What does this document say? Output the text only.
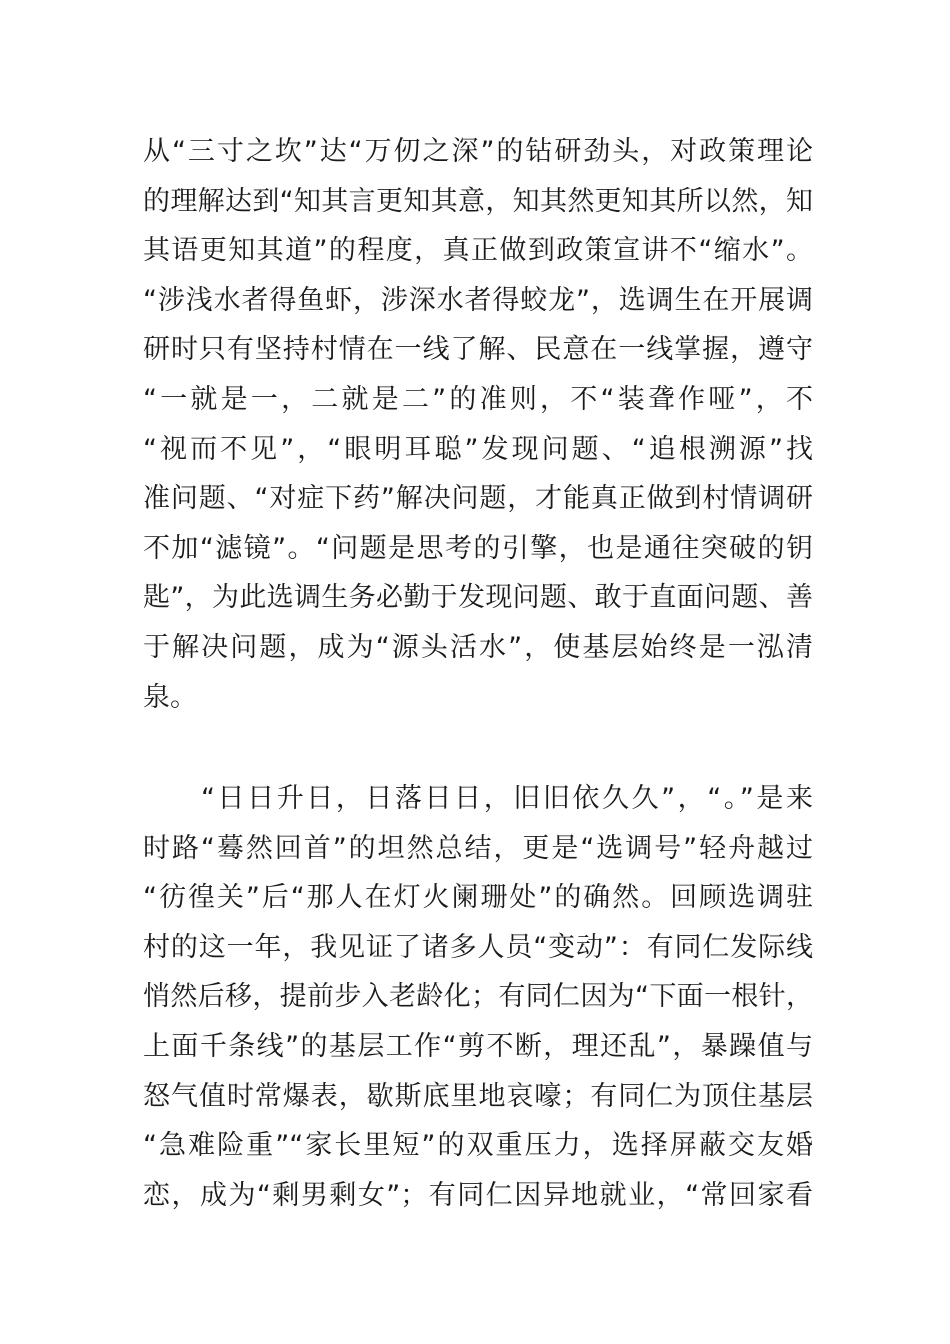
从“三寸之坎”达“万仞之深”的钻研劲头，对政策理论
的理解达到“知其言更知其意，知其然更知其所以然，知
其语更知其道”的程度，真正做到政策宣讲不“缩水”。
“涉浅水者得鱼虾，涉深水者得蛟龙”，选调生在开展调
研时只有坚持村情在一线了解、民意在一线掌握，遵守
“一就是一，二就是二”的准则，不“装聋作哑”，不
“视而不见”，“眼明耳聪”发现问题、“追根溯源”找
准问题、“对症下药”解决问题，才能真正做到村情调研
不加“滤镜”。“问题是思考的引擎，也是通往突破的钥
匙”，为此选调生务必勤于发现问题、敢于直面问题、善
于解决问题，成为“源头活水”，使基层始终是一泓清
泉。
“日日升日，日落日日，旧旧依久久”，“。”是来
时路“蓦然回首”的坦然总结，更是“选调号”轻舟越过
“彷徨关”后“那人在灯火阑珊处”的确然。回顾选调驻
村的这一年，我见证了诸多人员“变动”：有同仁发际线
悄然后移，提前步入老龄化；有同仁因为“下面一根针，
上面千条线”的基层工作“剪不断，理还乱”，暴躁值与
怒气值时常爆表，歇斯底里地哀嚎；有同仁为顶住基层
“急难险重”“家长里短”的双重压力，选择屏蔽交友婚
恋，成为“剩男剩女”；有同仁因异地就业，“常回家看
